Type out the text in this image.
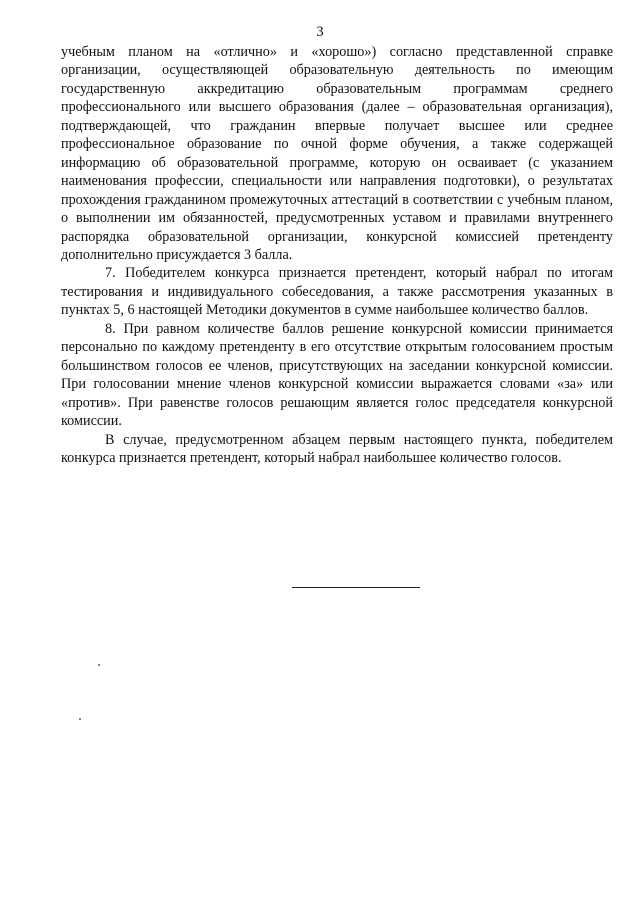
3

учебным планом на «отлично» и «хорошо») согласно представленной справке организации, осуществляющей образовательную деятельность по имеющим государственную аккредитацию образовательным программам среднего профессионального или высшего образования (далее – образовательная организация), подтверждающей, что гражданин впервые получает высшее или среднее профессиональное образование по очной форме обучения, а также содержащей информацию об образовательной программе, которую он осваивает (с указанием наименования профессии, специальности или направления подготовки), о результатах прохождения гражданином промежуточных аттестаций в соответствии с учебным планом, о выполнении им обязанностей, предусмотренных уставом и правилами внутреннего распорядка образовательной организации, конкурсной комиссией претенденту дополнительно присуждается 3 балла.

7. Победителем конкурса признается претендент, который набрал по итогам тестирования и индивидуального собеседования, а также рассмотрения указанных в пунктах 5, 6 настоящей Методики документов в сумме наибольшее количество баллов.

8. При равном количестве баллов решение конкурсной комиссии принимается персонально по каждому претенденту в его отсутствие открытым голосованием простым большинством голосов ее членов, присутствующих на заседании конкурсной комиссии. При голосовании мнение членов конкурсной комиссии выражается словами «за» или «против». При равенстве голосов решающим является голос председателя конкурсной комиссии.

В случае, предусмотренном абзацем первым настоящего пункта, победителем конкурса признается претендент, который набрал наибольшее количество голосов.
